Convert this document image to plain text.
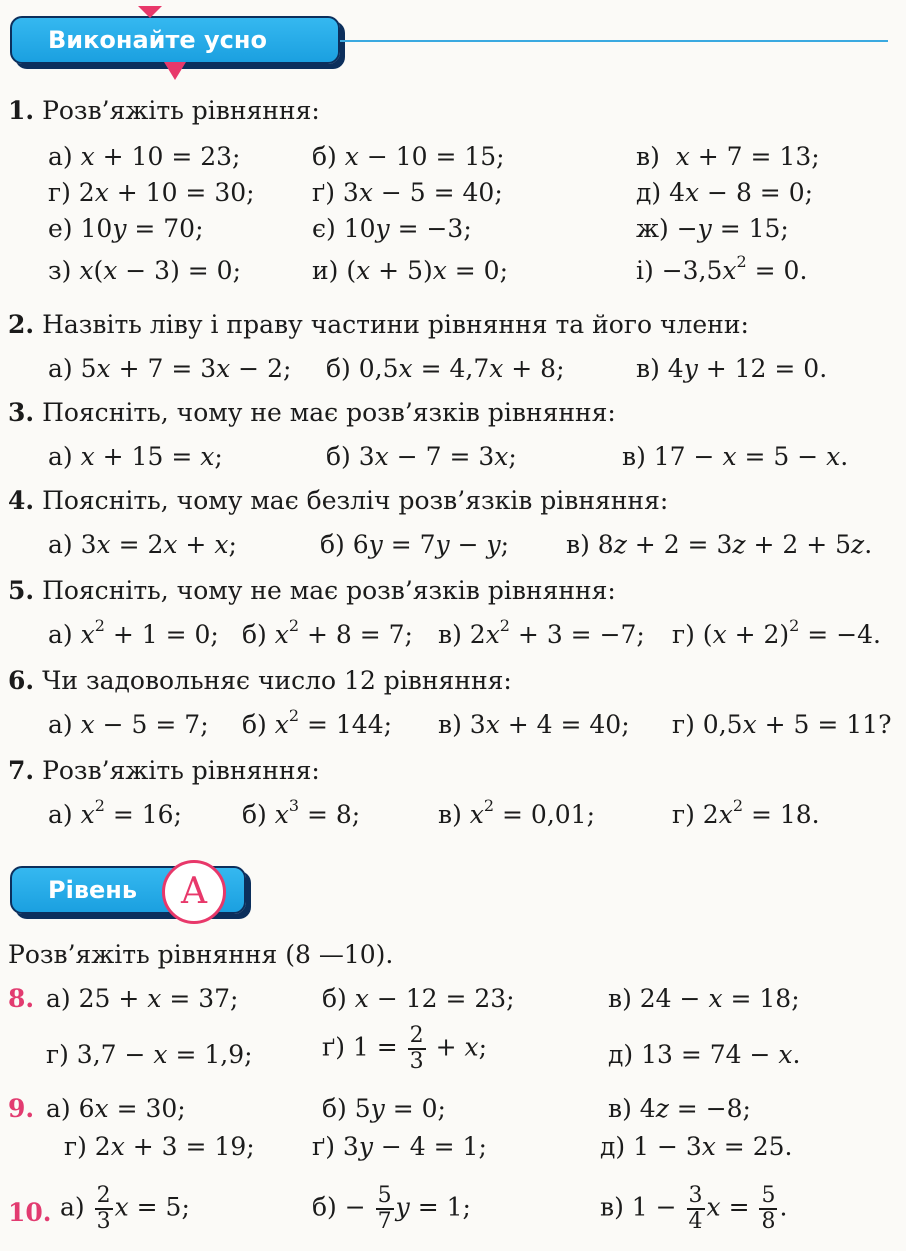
Виконайте усно
1. Розв’яжіть рівняння:
а) x + 10 = 23;	б) x − 10 = 15;	в)  x + 7 = 13;
г) 2x + 10 = 30; ґ) 3x − 5 = 40;	д) 4x − 8 = 0;
е) 10y = 70;	є) 10y = −3;	ж) −y = 15;
з) x(x − 3) = 0;	и) (x + 5)x = 0;	$і) -3,5x^2 = 0$.
2. Назвіть ліву і праву частини рівняння та його члени:
а) 5x + 7 = 3x − 2; б) 0,5x = 4,7x + 8;	в) 4y + 12 = 0.
3. Поясніть, чому не має розв’язків рівняння:
а) x + 15 = x;	б) 3x − 7 = 3x;	в) 17 − x = 5 − x.
4. Поясніть, чому має безліч розв’язків рівняння:
а) 3x = 2x + x;	б) 6y = 7y − y; в) 8z + 2 = 3z + 2 + 5z.
5. Поясніть, чому не має розв’язків рівняння:
а) $x^2 + 1 = 0$; б) $x^2 + 8 = 7$; в) $2x^2 + 3 = -7$; г) $(x + 2)^2 = -4$.
6. Чи задовольняє число 12 рівняння:
а) x − 5 = 7; б) $x^2 = 144$; в) 3x + 4 = 40; г) 0,5x + 5 = 11?
7. Розв’яжіть рівняння:
а) $x^2 = 16$; б) $x^3 = 8$;	в) $x^2 = 0,01$;	г) $2x^2 = 18$.
Рівень	А
Розв’яжіть рівняння (8 —10).
8. а) 25 + x = 37;	б) x − 12 = 23;	в) 24 − x = 18;
г) 3,7 − x = 1,9;	ґ) $1 = \frac{2}{3} + x$;	д) 13 = 74 − x.
9. а) 6x = 30;	б) 5y = 0;	в) 4z = −8;
г) 2x + 3 = 19; ґ) 3y − 4 = 1;	д) 1 − 3x = 25.
10. $а) \frac{2}{3}$ x = 5;	$б) - \frac{5}{7}$ y = 1;	в) $1 - \frac{3}{4}$ $x = \frac{5}{8}$ .
